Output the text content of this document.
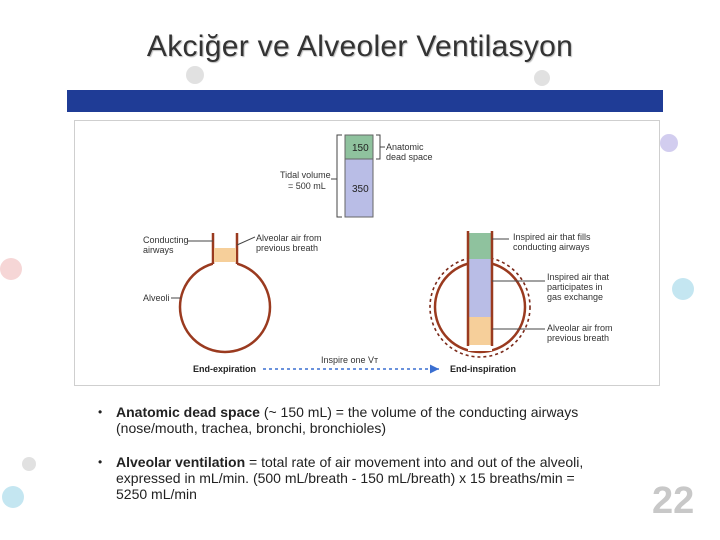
Akciğer ve Alveoler Ventilasyon
150
350
Anatomic
dead space
Tidal volume
= 500 mL
Conducting
airways
Alveolar air from
previous breath
Alveoli
Inspired air that fills
conducting airways
Inspired air that
participates in
gas exchange
Alveolar air from
previous breath
End-expiration
Inspire one Vᴛ
End-inspiration
• Anatomic dead space (~ 150 mL) = the volume of the conducting airways
(nose/mouth, trachea, bronchi, bronchioles)
• Alveolar ventilation = total rate of air movement into and out of the alveoli,
expressed in mL/min. (500 mL/breath - 150 mL/breath) x 15 breaths/min =
5250 mL/min	22
